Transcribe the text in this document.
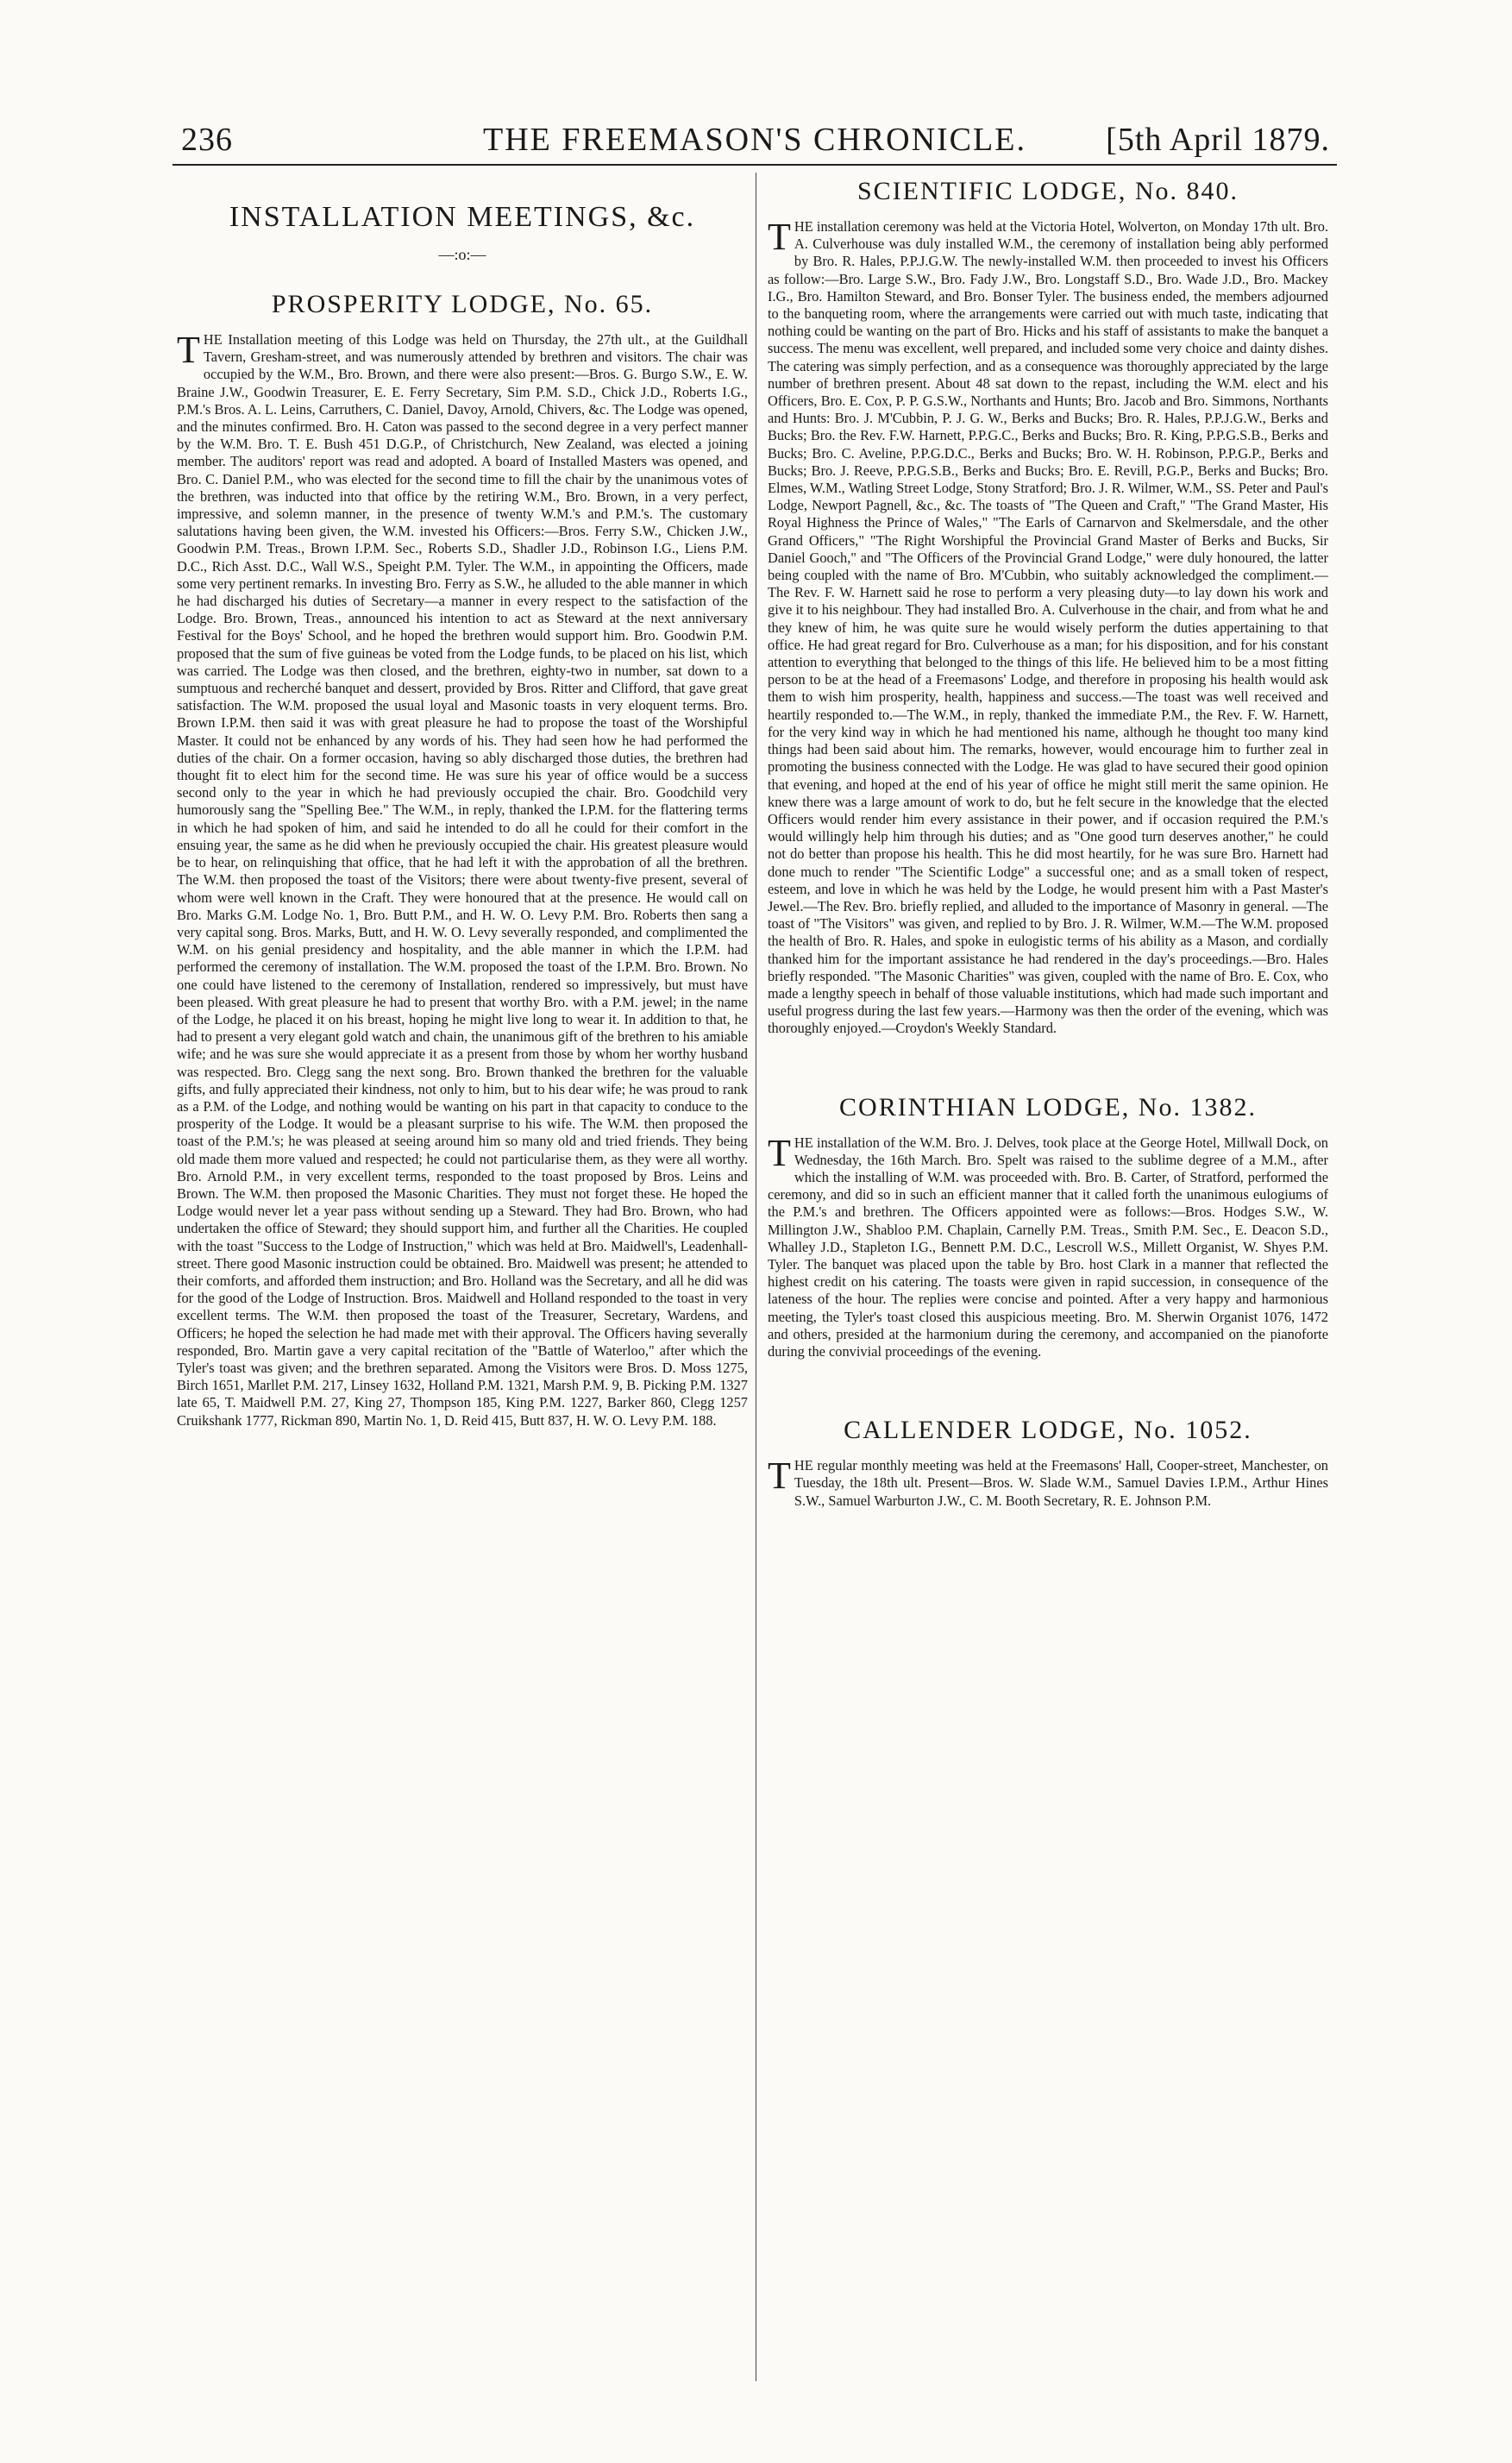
236	THE FREEMASON'S CHRONICLE. [5th April 1879.
INSTALLATION MEETINGS, &c.
—:o:—
PROSPERITY LODGE, No. 65.

THE Installation meeting of this Lodge was held on Thursday, the 27th ult., at the Guildhall Tavern, Gresham-street, and was numerously attended by brethren and visitors. The chair was occupied by the W.M., Bro. Brown, and there were also present:—Bros. G. Burgo S.W., E. W. Braine J.W., Goodwin Treasurer, E. E. Ferry Secretary, Sim P.M. S.D., Chick J.D., Roberts I.G., P.M.'s Bros. A. L. Leins, Carruthers, C. Daniel, Davoy, Arnold, Chivers, &c. The Lodge was opened, and the minutes confirmed. Bro. H. Caton was passed to the second degree in a very perfect manner by the W.M. Bro. T. E. Bush 451 D.G.P., of Christchurch, New Zealand, was elected a joining member. The auditors' report was read and adopted. A board of Installed Masters was opened, and Bro. C. Daniel P.M., who was elected for the second time to fill the chair by the unanimous votes of the brethren, was inducted into that office by the retiring W.M., Bro. Brown, in a very perfect, impressive, and solemn manner, in the presence of twenty W.M.'s and P.M.'s. The customary salutations having been given, the W.M. invested his Officers:—Bros. Ferry S.W., Chicken J.W., Goodwin P.M. Treas., Brown I.P.M. Sec., Roberts S.D., Shadler J.D., Robinson I.G., Liens P.M. D.C., Rich Asst. D.C., Wall W.S., Speight P.M. Tyler. The W.M., in appointing the Officers, made some very pertinent remarks. In investing Bro. Ferry as S.W., he alluded to the able manner in which he had discharged his duties of Secretary—a manner in every respect to the satisfaction of the Lodge. Bro. Brown, Treas., announced his intention to act as Steward at the next anniversary Festival for the Boys' School, and he hoped the brethren would support him. Bro. Goodwin P.M. proposed that the sum of five guineas be voted from the Lodge funds, to be placed on his list, which was carried. The Lodge was then closed, and the brethren, eighty-two in number, sat down to a sumptuous and recherché banquet and dessert, provided by Bros. Ritter and Clifford, that gave great satisfaction. The W.M. proposed the usual loyal and Masonic toasts in very eloquent terms. Bro. Brown I.P.M. then said it was with great pleasure he had to propose the toast of the Worshipful Master. It could not be enhanced by any words of his. They had seen how he had performed the duties of the chair. On a former occasion, having so ably discharged those duties, the brethren had thought fit to elect him for the second time. He was sure his year of office would be a success second only to the year in which he had previously occupied the chair. Bro. Goodchild very humorously sang the "Spelling Bee." The W.M., in reply, thanked the I.P.M. for the flattering terms in which he had spoken of him, and said he intended to do all he could for their comfort in the ensuing year, the same as he did when he previously occupied the chair. His greatest pleasure would be to hear, on relinquishing that office, that he had left it with the approbation of all the brethren. The W.M. then proposed the toast of the Visitors; there were about twenty-five present, several of whom were well known in the Craft. They were honoured that at the presence. He would call on Bro. Marks G.M. Lodge No. 1, Bro. Butt P.M., and H. W. O. Levy P.M. Bro. Roberts then sang a very capital song. Bros. Marks, Butt, and H. W. O. Levy severally responded, and complimented the W.M. on his genial presidency and hospitality, and the able manner in which the I.P.M. had performed the ceremony of installation. The W.M. proposed the toast of the I.P.M. Bro. Brown. No one could have listened to the ceremony of Installation, rendered so impressively, but must have been pleased. With great pleasure he had to present that worthy Bro. with a P.M. jewel; in the name of the Lodge, he placed it on his breast, hoping he might live long to wear it. In addition to that, he had to present a very elegant gold watch and chain, the unanimous gift of the brethren to his amiable wife; and he was sure she would appreciate it as a present from those by whom her worthy husband was respected. Bro. Clegg sang the next song. Bro. Brown thanked the brethren for the valuable gifts, and fully appreciated their kindness, not only to him, but to his dear wife; he was proud to rank as a P.M. of the Lodge, and nothing would be wanting on his part in that capacity to conduce to the prosperity of the Lodge. It would be a pleasant surprise to his wife. The W.M. then proposed the toast of the P.M.'s; he was pleased at seeing around him so many old and tried friends. They being old made them more valued and respected; he could not particularise them, as they were all worthy. Bro. Arnold P.M., in very excellent terms, responded to the toast proposed by Bros. Leins and Brown. The W.M. then proposed the Masonic Charities. They must not forget these. He hoped the Lodge would never let a year pass without sending up a Steward. They had Bro. Brown, who had undertaken the office of Steward; they should support him, and further all the Charities. He coupled with the toast "Success to the Lodge of Instruction," which was held at Bro. Maidwell's, Leadenhall-street. There good Masonic instruction could be obtained. Bro. Maidwell was present; he attended to their comforts, and afforded them instruction; and Bro. Holland was the Secretary, and all he did was for the good of the Lodge of Instruction. Bros. Maidwell and Holland responded to the toast in very excellent terms. The W.M. then proposed the toast of the Treasurer, Secretary, Wardens, and Officers; he hoped the selection he had made met with their approval. The Officers having severally responded, Bro. Martin gave a very capital recitation of the "Battle of Waterloo," after which the Tyler's toast was given; and the brethren separated. Among the Visitors were Bros. D. Moss 1275, Birch 1651, Marllet P.M. 217, Linsey 1632, Holland P.M. 1321, Marsh P.M. 9, B. Picking P.M. 1327 late 65, T. Maidwell P.M. 27, King 27, Thompson 185, King P.M. 1227, Barker 860, Clegg 1257 Cruikshank 1777, Rickman 890, Martin No. 1, D. Reid 415, Butt 837, H. W. O. Levy P.M. 188.

SCIENTIFIC LODGE, No. 840.

THE installation ceremony was held at the Victoria Hotel, Wolverton, on Monday 17th ult. Bro. A. Culverhouse was duly installed W.M., the ceremony of installation being ably performed by Bro. R. Hales, P.P.J.G.W. The newly-installed W.M. then proceeded to invest his Officers as follow:—Bro. Large S.W., Bro. Fady J.W., Bro. Longstaff S.D., Bro. Wade J.D., Bro. Mackey I.G., Bro. Hamilton Steward, and Bro. Bonser Tyler. The business ended, the members adjourned to the banqueting room, where the arrangements were carried out with much taste, indicating that nothing could be wanting on the part of Bro. Hicks and his staff of assistants to make the banquet a success. The menu was excellent, well prepared, and included some very choice and dainty dishes. The catering was simply perfection, and as a consequence was thoroughly appreciated by the large number of brethren present. About 48 sat down to the repast, including the W.M. elect and his Officers, Bro. E. Cox, P. P. G.S.W., Northants and Hunts; Bro. Jacob and Bro. Simmons, Northants and Hunts: Bro. J. M'Cubbin, P. J. G. W., Berks and Bucks; Bro. R. Hales, P.P.J.G.W., Berks and Bucks; Bro. the Rev. F.W. Harnett, P.P.G.C., Berks and Bucks; Bro. R. King, P.P.G.S.B., Berks and Bucks; Bro. C. Aveline, P.P.G.D.C., Berks and Bucks; Bro. W. H. Robinson, P.P.G.P., Berks and Bucks; Bro. J. Reeve, P.P.G.S.B., Berks and Bucks; Bro. E. Revill, P.G.P., Berks and Bucks; Bro. Elmes, W.M., Watling Street Lodge, Stony Stratford; Bro. J. R. Wilmer, W.M., SS. Peter and Paul's Lodge, Newport Pagnell, &c., &c. The toasts of "The Queen and Craft," "The Grand Master, His Royal Highness the Prince of Wales," "The Earls of Carnarvon and Skelmersdale, and the other Grand Officers," "The Right Worshipful the Provincial Grand Master of Berks and Bucks, Sir Daniel Gooch," and "The Officers of the Provincial Grand Lodge," were duly honoured, the latter being coupled with the name of Bro. M'Cubbin, who suitably acknowledged the compliment.—The Rev. F. W. Harnett said he rose to perform a very pleasing duty—to lay down his work and give it to his neighbour. They had installed Bro. A. Culverhouse in the chair, and from what he and they knew of him, he was quite sure he would wisely perform the duties appertaining to that office. He had great regard for Bro. Culverhouse as a man; for his disposition, and for his constant attention to everything that belonged to the things of this life. He believed him to be a most fitting person to be at the head of a Freemasons' Lodge, and therefore in proposing his health would ask them to wish him prosperity, health, happiness and success.—The toast was well received and heartily responded to.—The W.M., in reply, thanked the immediate P.M., the Rev. F. W. Harnett, for the very kind way in which he had mentioned his name, although he thought too many kind things had been said about him. The remarks, however, would encourage him to further zeal in promoting the business connected with the Lodge. He was glad to have secured their good opinion that evening, and hoped at the end of his year of office he might still merit the same opinion. He knew there was a large amount of work to do, but he felt secure in the knowledge that the elected Officers would render him every assistance in their power, and if occasion required the P.M.'s would willingly help him through his duties; and as "One good turn deserves another," he could not do better than propose his health. This he did most heartily, for he was sure Bro. Harnett had done much to render "The Scientific Lodge" a successful one; and as a small token of respect, esteem, and love in which he was held by the Lodge, he would present him with a Past Master's Jewel.—The Rev. Bro. briefly replied, and alluded to the importance of Masonry in general. —The toast of "The Visitors" was given, and replied to by Bro. J. R. Wilmer, W.M.—The W.M. proposed the health of Bro. R. Hales, and spoke in eulogistic terms of his ability as a Mason, and cordially thanked him for the important assistance he had rendered in the day's proceedings.—Bro. Hales briefly responded. "The Masonic Charities" was given, coupled with the name of Bro. E. Cox, who made a lengthy speech in behalf of those valuable institutions, which had made such important and useful progress during the last few years.—Harmony was then the order of the evening, which was thoroughly enjoyed.—Croydon's Weekly Standard.

CORINTHIAN LODGE, No. 1382.

THE installation of the W.M. Bro. J. Delves, took place at the George Hotel, Millwall Dock, on Wednesday, the 16th March. Bro. Spelt was raised to the sublime degree of a M.M., after which the installing of W.M. was proceeded with. Bro. B. Carter, of Stratford, performed the ceremony, and did so in such an efficient manner that it called forth the unanimous eulogiums of the P.M.'s and brethren. The Officers appointed were as follows:—Bros. Hodges S.W., W. Millington J.W., Shabloo P.M. Chaplain, Carnelly P.M. Treas., Smith P.M. Sec., E. Deacon S.D., Whalley J.D., Stapleton I.G., Bennett P.M. D.C., Lescroll W.S., Millett Organist, W. Shyes P.M. Tyler. The banquet was placed upon the table by Bro. host Clark in a manner that reflected the highest credit on his catering. The toasts were given in rapid succession, in consequence of the lateness of the hour. The replies were concise and pointed. After a very happy and harmonious meeting, the Tyler's toast closed this auspicious meeting. Bro. M. Sherwin Organist 1076, 1472 and others, presided at the harmonium during the ceremony, and accompanied on the pianoforte during the convivial proceedings of the evening.

CALLENDER LODGE, No. 1052.

THE regular monthly meeting was held at the Freemasons' Hall, Cooper-street, Manchester, on Tuesday, the 18th ult. Present—Bros. W. Slade W.M., Samuel Davies I.P.M., Arthur Hines S.W., Samuel Warburton J.W., C. M. Booth Secretary, R. E. Johnson P.M.
